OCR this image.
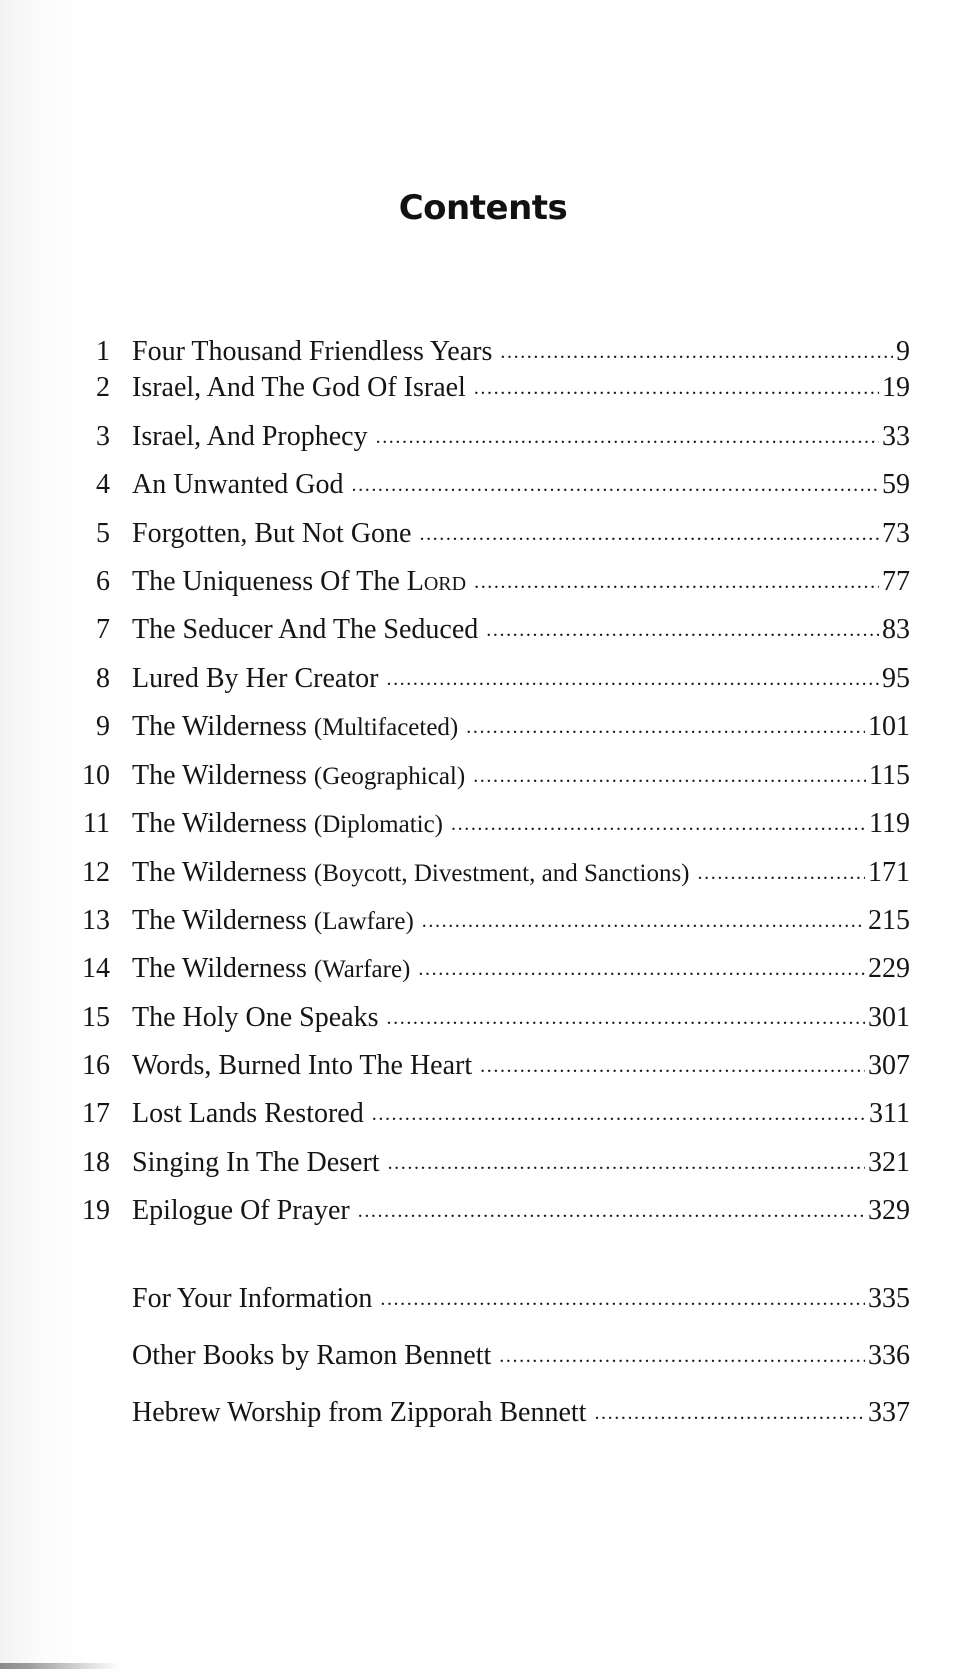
Contents
1 Four Thousand Friendless Years .....	9
2 Israel, And The God Of Israel .....	19
3 Israel, And Prophecy .....	33
4 An Unwanted God .....	59
5 Forgotten, But Not Gone .....	73
6 The Uniqueness Of The Lord .....	77
7 The Seducer And The Seduced .....	83
8 Lured By Her Creator .....	95
9 The Wilderness (Multifaceted) .....	101
10 The Wilderness (Geographical) .....	115
11 The Wilderness (Diplomatic) .....	119
12 The Wilderness (Boycott, Divestment, and Sanctions) .....	171
13 The Wilderness (Lawfare) .....	215
14 The Wilderness (Warfare) .....	229
15 The Holy One Speaks .....	301
16 Words, Burned Into The Heart .....	307
17 Lost Lands Restored .....	311
18 Singing In The Desert .....	321
19 Epilogue Of Prayer .....	329
For Your Information .....	335
Other Books by Ramon Bennett .....	336
Hebrew Worship from Zipporah Bennett .....	337
